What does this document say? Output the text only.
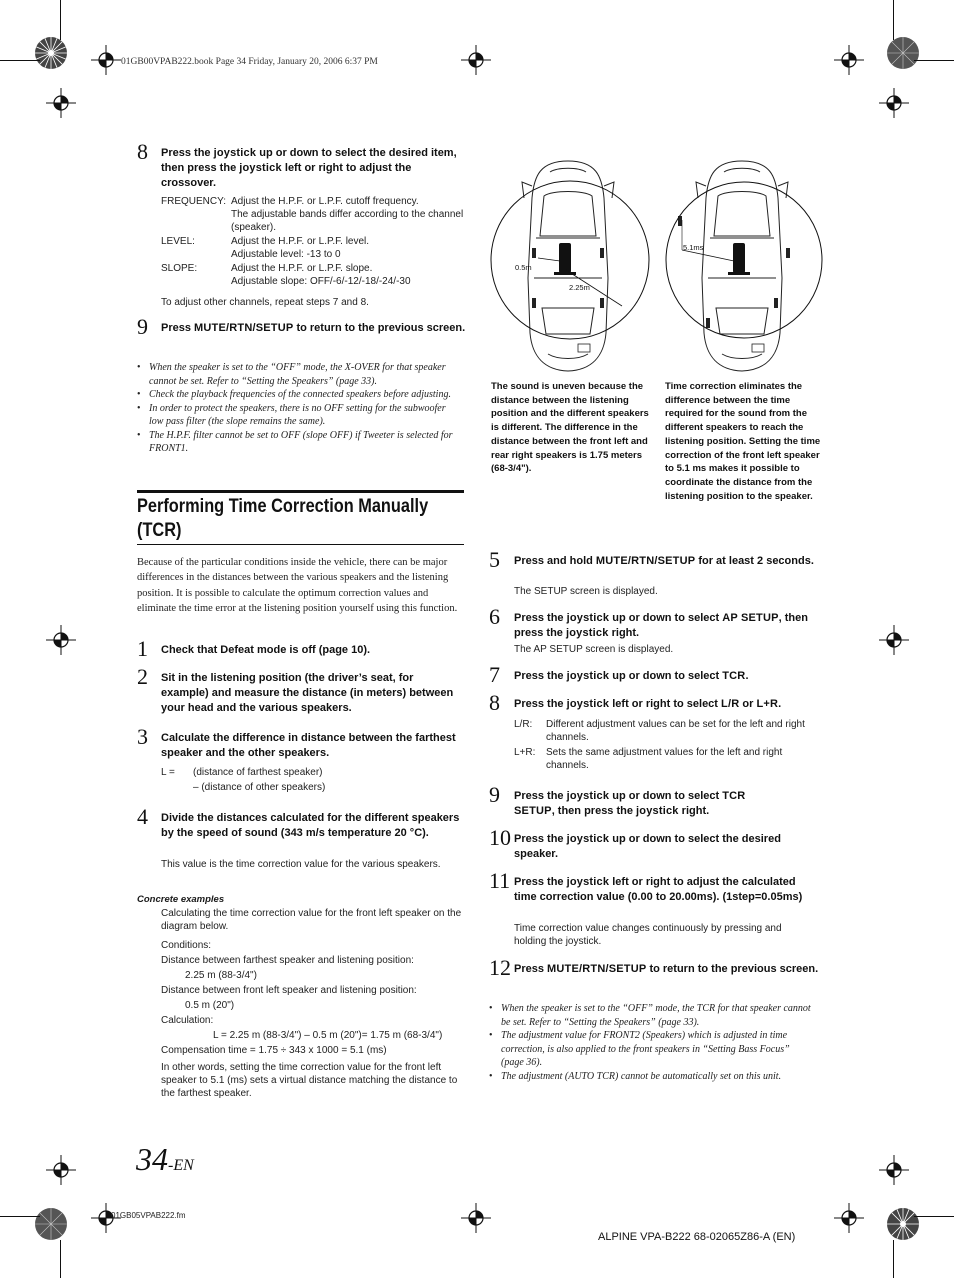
01GB00VPAB222.book Page 34 Friday, January 20, 2006 6:37 PM
8 Press the joystick up or down to select the desired item, then press the joystick left or right to adjust the crossover.
FREQUENCY: Adjust the H.P.F. or L.P.F. cutoff frequency.
The adjustable bands differ according to the channel (speaker).
LEVEL:	Adjust the H.P.F. or L.P.F. level.
Adjustable level: -13 to 0
SLOPE:	Adjust the H.P.F. or L.P.F. slope.
Adjustable slope: OFF/-6/-12/-18/-24/-30
To adjust other channels, repeat steps 7 and 8.
9 Press MUTE/RTN/SETUP to return to the previous screen.
• When the speaker is set to the “OFF” mode, the X-OVER for that speaker cannot be set. Refer to “Setting the Speakers” (page 33).
• Check the playback frequencies of the connected speakers before adjusting.
• In order to protect the speakers, there is no OFF setting for the subwoofer low pass filter (the slope remains the same).
• The H.P.F. filter cannot be set to OFF (slope OFF) if Tweeter is selected for FRONT1.
Performing Time Correction Manually
(TCR)
Because of the particular conditions inside the vehicle, there can be major differences in the distances between the various speakers and the listening position. It is possible to calculate the optimum correction values and eliminate the time error at the listening position yourself using this function.
1 Check that Defeat mode is off (page 10).
2 Sit in the listening position (the driver’s seat, for example) and measure the distance (in meters) between your head and the various speakers.
3 Calculate the difference in distance between the farthest speaker and the other speakers.
L =	(distance of farthest speaker)
– (distance of other speakers)
4 Divide the distances calculated for the different speakers by the speed of sound (343 m/s temperature 20 °C).
This value is the time correction value for the various speakers.
Concrete examples
Calculating the time correction value for the front left speaker on the diagram below.
Conditions:
Distance between farthest speaker and listening position:
2.25 m (88-3/4")
Distance between front left speaker and listening position:
0.5 m (20")
Calculation:
L = 2.25 m (88-3/4") – 0.5 m (20")= 1.75 m (68-3/4")
Compensation time = 1.75 ÷ 343 x 1000 = 5.1 (ms)
In other words, setting the time correction value for the front left speaker to 5.1 (ms) sets a virtual distance matching the distance to the farthest speaker.
34-EN
0.5m
2.25m
5.1ms
The sound is uneven because the distance between the listening position and the different speakers is different. The difference in the distance between the front left and rear right speakers is 1.75 meters (68-3/4").
Time correction eliminates the difference between the time required for the sound from the different speakers to reach the listening position. Setting the time correction of the front left speaker to 5.1 ms makes it possible to coordinate the distance from the listening position to the speaker.
5 Press and hold MUTE/RTN/SETUP for at least 2 seconds.
The SETUP screen is displayed.
6 Press the joystick up or down to select AP SETUP, then press the joystick right.
The AP SETUP screen is displayed.
7 Press the joystick up or down to select TCR.
8 Press the joystick left or right to select L/R or L+R.
L/R:	Different adjustment values can be set for the left and right channels.
L+R:	Sets the same adjustment values for the left and right channels.
9 Press the joystick up or down to select TCR SETUP, then press the joystick right.
10 Press the joystick up or down to select the desired speaker.
11 Press the joystick left or right to adjust the calculated time correction value (0.00 to 20.00ms). (1step=0.05ms)
Time correction value changes continuously by pressing and holding the joystick.
12 Press MUTE/RTN/SETUP to return to the previous screen.
• When the speaker is set to the “OFF” mode, the TCR for that speaker cannot be set. Refer to “Setting the Speakers” (page 33).
• The adjustment value for FRONT2 (Speakers) which is adjusted in time correction, is also applied to the front speakers in “Setting Bass Focus” (page 36).
• The adjustment (AUTO TCR) cannot be automatically set on this unit.
01GB05VPAB222.fm
ALPINE VPA-B222 68-02065Z86-A (EN)
